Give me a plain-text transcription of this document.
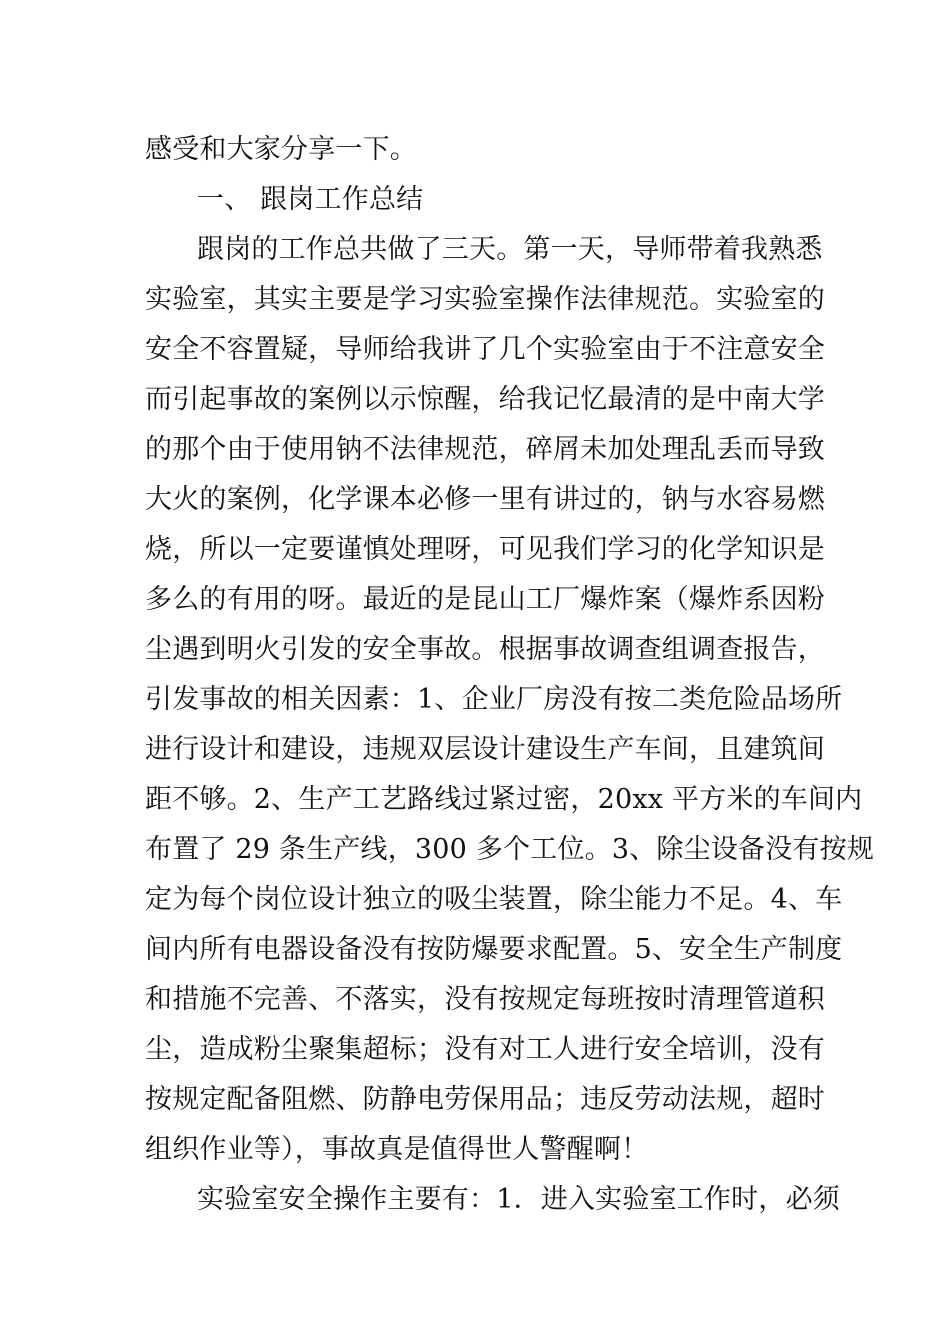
感受和大家分享一下。
一、 跟岗工作总结
跟岗的工作总共做了三天。第一天，导师带着我熟悉
实验室，其实主要是学习实验室操作法律规范。实验室的
安全不容置疑，导师给我讲了几个实验室由于不注意安全
而引起事故的案例以示惊醒，给我记忆最清的是中南大学
的那个由于使用钠不法律规范，碎屑未加处理乱丢而导致
大火的案例，化学课本必修一里有讲过的，钠与水容易燃
烧，所以一定要谨慎处理呀，可见我们学习的化学知识是
多么的有用的呀。最近的是昆山工厂爆炸案（爆炸系因粉
尘遇到明火引发的安全事故。根据事故调查组调查报告，
引发事故的相关因素：1、企业厂房没有按二类危险品场所
进行设计和建设，违规双层设计建设生产车间，且建筑间
距不够。2、生产工艺路线过紧过密，20xx 平方米的车间内
布置了 29 条生产线，300 多个工位。3、除尘设备没有按规
定为每个岗位设计独立的吸尘装置，除尘能力不足。4、车
间内所有电器设备没有按防爆要求配置。5、安全生产制度
和措施不完善、不落实，没有按规定每班按时清理管道积
尘，造成粉尘聚集超标；没有对工人进行安全培训，没有
按规定配备阻燃、防静电劳保用品；违反劳动法规，超时
组织作业等），事故真是值得世人警醒啊！
实验室安全操作主要有：1．进入实验室工作时，必须
